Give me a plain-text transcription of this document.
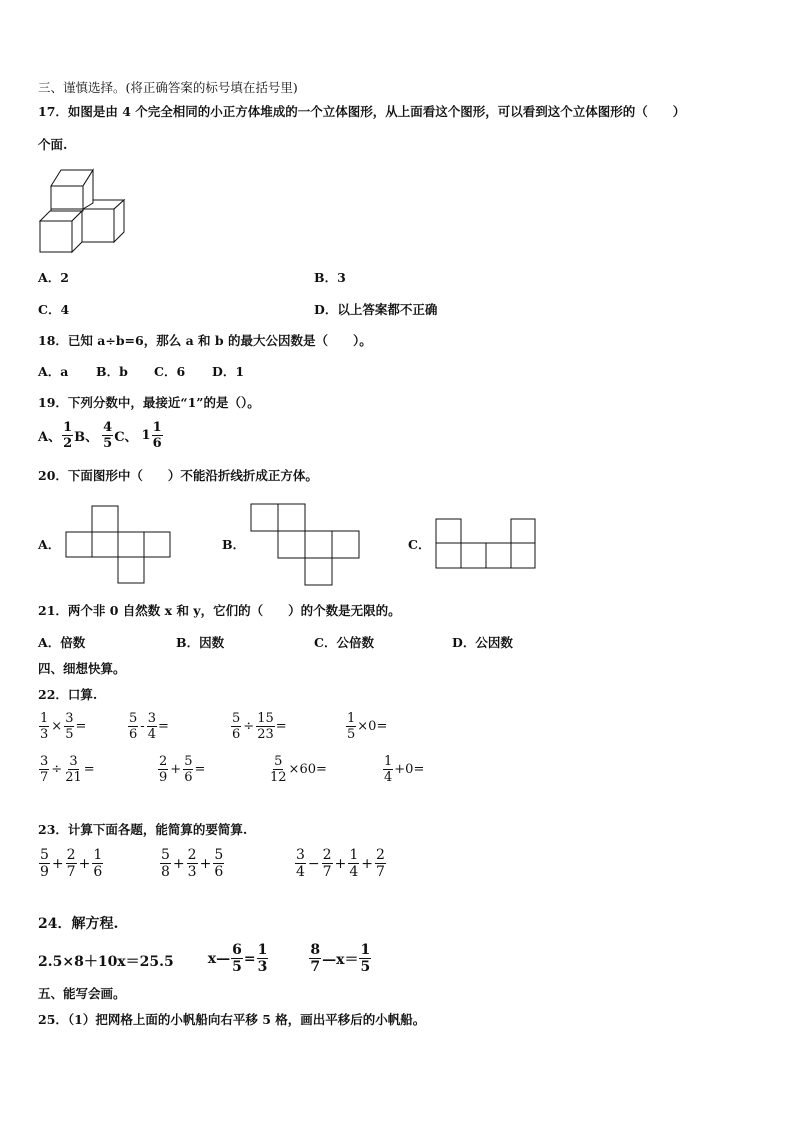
三、谨慎选择。(将正确答案的标号填在括号里)
17．如图是由 4 个完全相同的小正方体堆成的一个立体图形，从上面看这个图形，可以看到这个立体图形的（　　）
个面.
A．2	B．3
C．4	D．以上答案都不正确
18．已知 a÷b=6，那么 a 和 b 的最大公因数是（　　）。
A．a B．b C．6 D．1
19．下列分数中，最接近“1”的是（）。
A、 $\frac{1}{2}$ B、 $\frac{4}{5}$ C、 $1 \frac{1}{6}$
20．下面图形中（　　）不能沿折线折成正方体。
A．	B．	C．
21．两个非 0 自然数 x 和 y，它们的（　　）的个数是无限的。
A．倍数	B．因数	C．公倍数	D．公因数
四、细想快算。
22．口算.
$\frac{1}{3} \times \frac{3}{5}$ =	$\frac{5}{6} - \frac{3}{4}$ =	$\frac{5}{6} \div \frac{15}{23}$ =	$\frac{1}{5} \times 0=$
$\frac{3}{7} \div \frac{3}{21}$ =	$\frac{2}{9} + \frac{5}{6}$ =	$\frac{5}{12} \times 60=$	$\frac{1}{4} +0=$
23．计算下面各题，能简算的要简算.
$\frac{5}{9} + \frac{2}{7} + \frac{1}{6}$	$\frac{5}{8} + \frac{2}{3} + \frac{5}{6}$	$\frac{3}{4} - \frac{2}{7} + \frac{1}{4} + \frac{2}{7}$
24．解方程.
2.5×8＋10x＝25.5 x— $\frac{6}{5} = \frac{1}{3}$	$\frac{8}{7}$ —x＝ $\frac{1}{5}$
五、能写会画。
25．（1）把网格上面的小帆船向右平移 5 格，画出平移后的小帆船。
